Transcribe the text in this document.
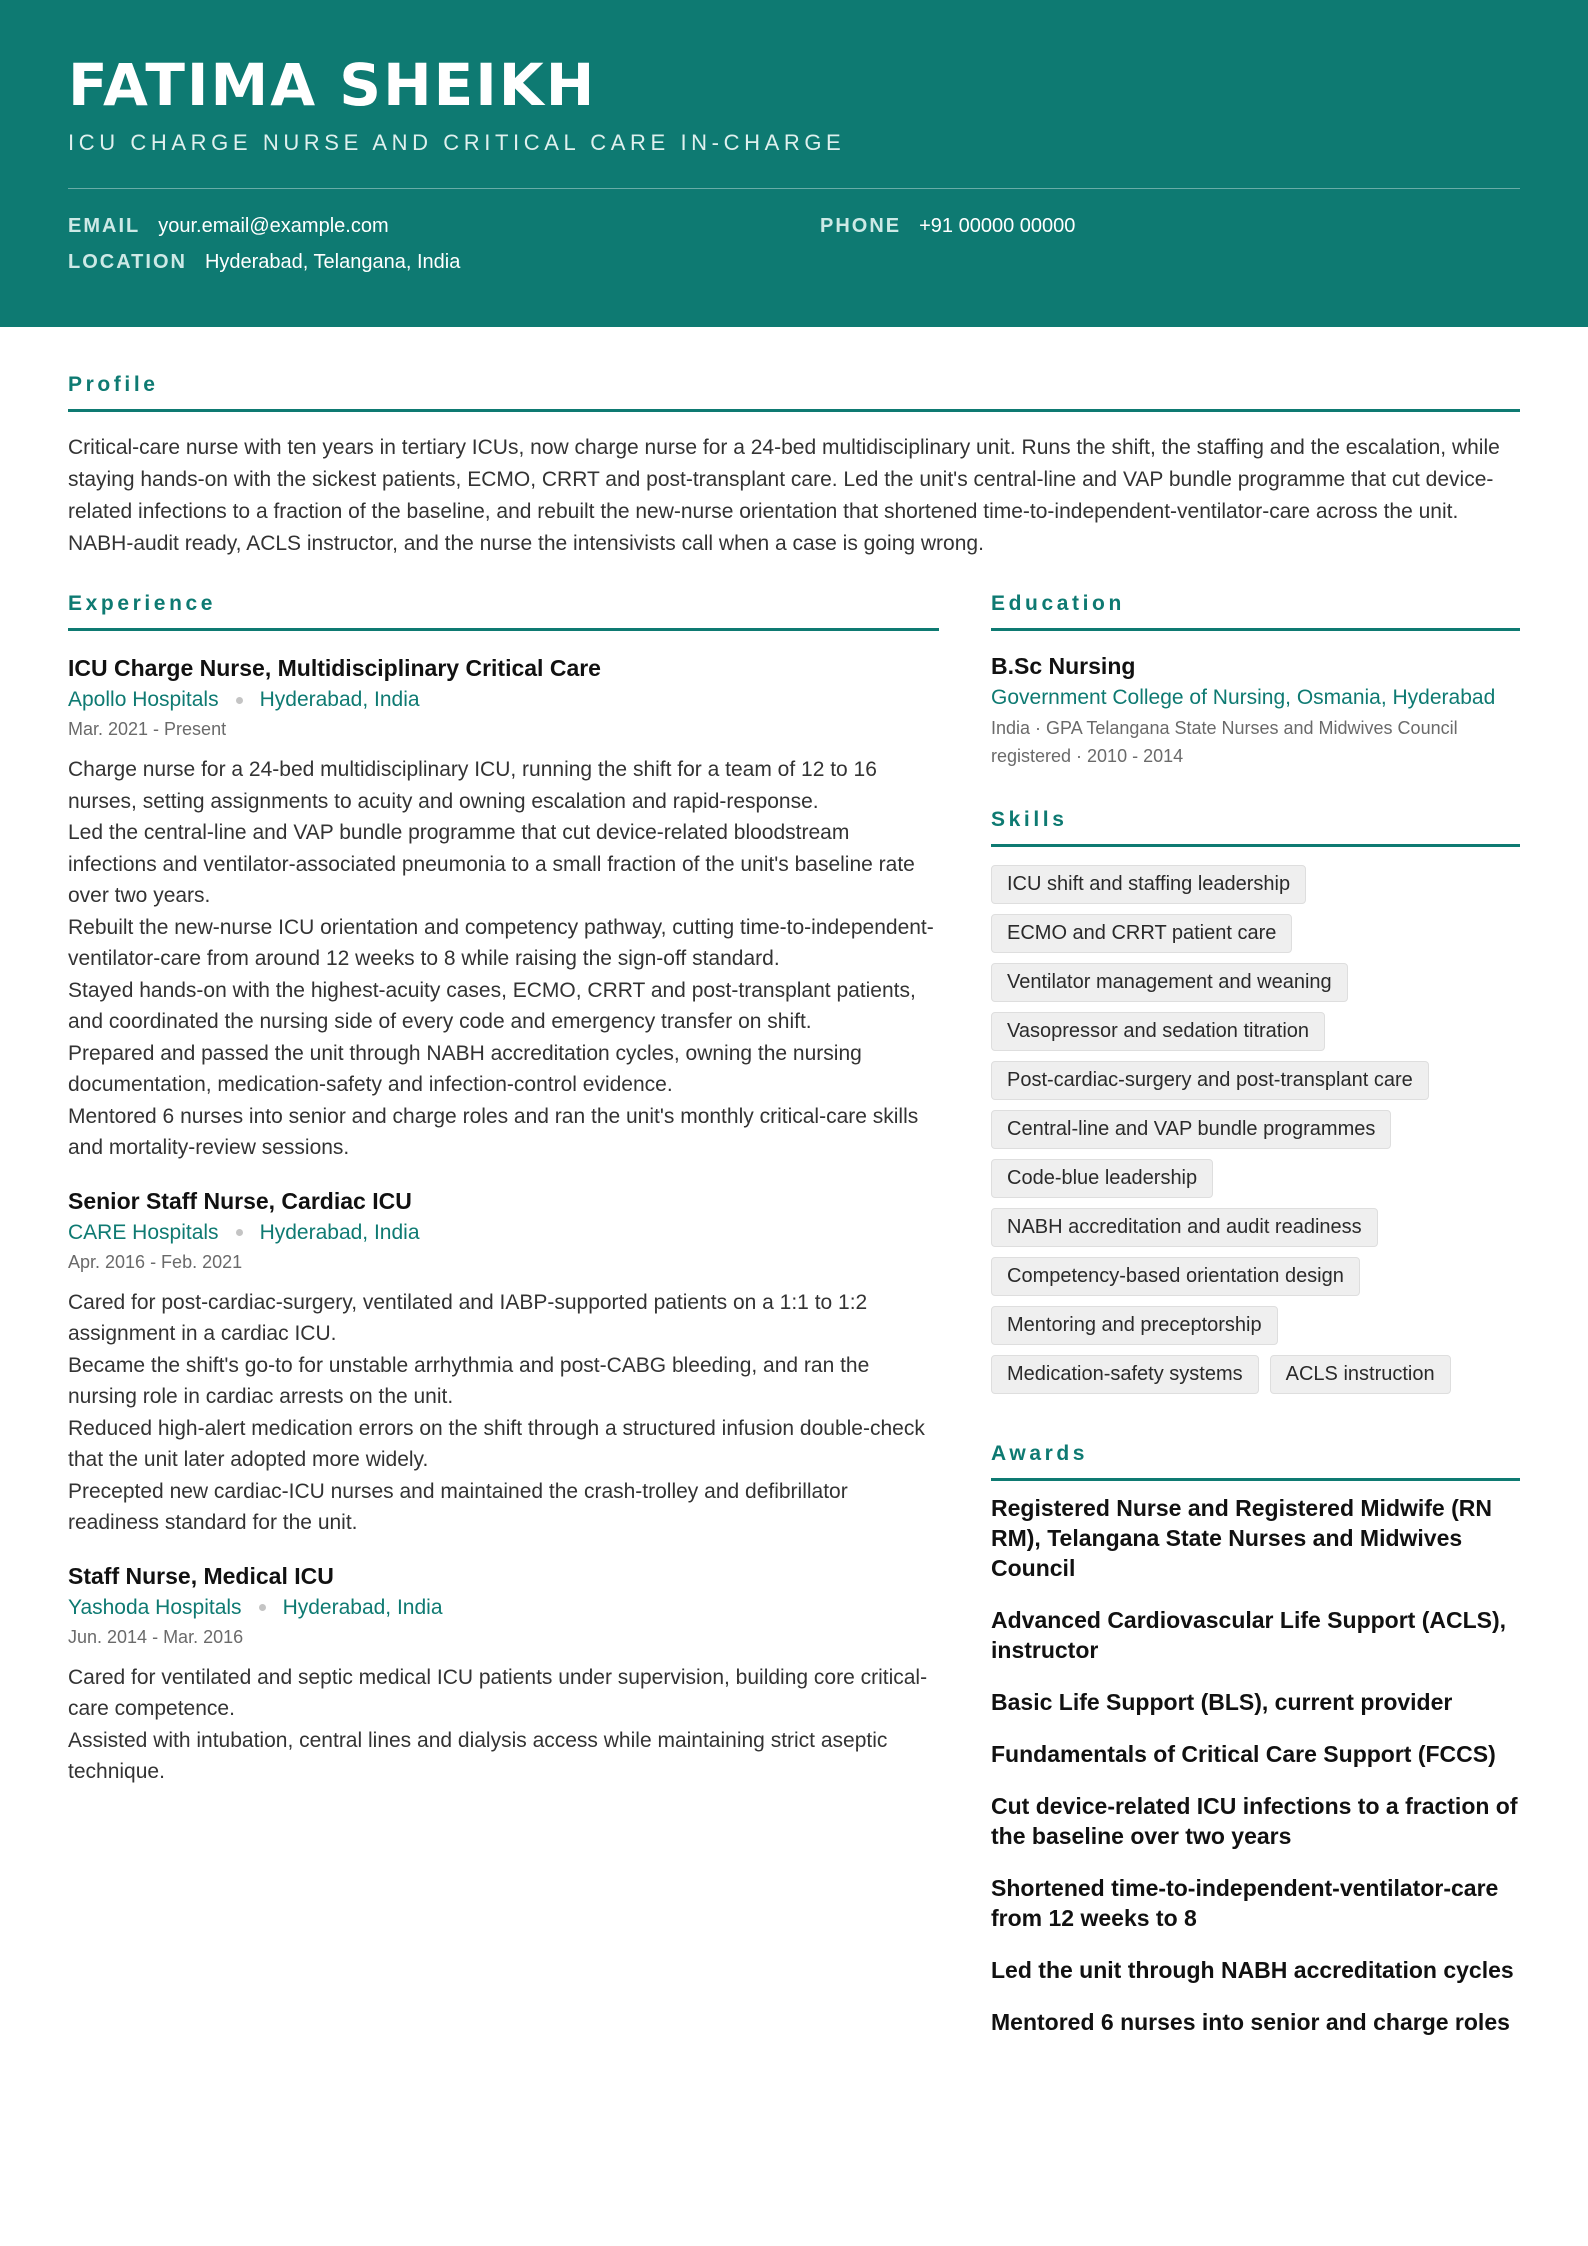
FATIMA SHEIKH
ICU CHARGE NURSE AND CRITICAL CARE IN-CHARGE
EMAIL your.email@example.com	PHONE +91 00000 00000
LOCATION Hyderabad, Telangana, India
Profile

Critical-care nurse with ten years in tertiary ICUs, now charge nurse for a 24-bed multidisciplinary unit. Runs the shift, the staffing and the escalation, while staying hands-on with the sickest patients, ECMO, CRRT and post-transplant care. Led the unit's central-line and VAP bundle programme that cut device-related infections to a fraction of the baseline, and rebuilt the new-nurse orientation that shortened time-to-independent-ventilator-care across the unit. NABH-audit ready, ACLS instructor, and the nurse the intensivists call when a case is going wrong.

Experience
ICU Charge Nurse, Multidisciplinary Critical Care
Apollo Hospitals Hyderabad, India
Mar. 2021 - Present

Charge nurse for a 24-bed multidisciplinary ICU, running the shift for a team of 12 to 16 nurses, setting assignments to acuity and owning escalation and rapid-response.

Led the central-line and VAP bundle programme that cut device-related bloodstream infections and ventilator-associated pneumonia to a small fraction of the unit's baseline rate over two years.

Rebuilt the new-nurse ICU orientation and competency pathway, cutting time-to-independent-ventilator-care from around 12 weeks to 8 while raising the sign-off standard.

Stayed hands-on with the highest-acuity cases, ECMO, CRRT and post-transplant patients, and coordinated the nursing side of every code and emergency transfer on shift.

Prepared and passed the unit through NABH accreditation cycles, owning the nursing documentation, medication-safety and infection-control evidence.

Mentored 6 nurses into senior and charge roles and ran the unit's monthly critical-care skills and mortality-review sessions.

Senior Staff Nurse, Cardiac ICU
CARE Hospitals Hyderabad, India
Apr. 2016 - Feb. 2021

Cared for post-cardiac-surgery, ventilated and IABP-supported patients on a 1:1 to 1:2 assignment in a cardiac ICU.

Became the shift's go-to for unstable arrhythmia and post-CABG bleeding, and ran the nursing role in cardiac arrests on the unit.

Reduced high-alert medication errors on the shift through a structured infusion double-check that the unit later adopted more widely.

Precepted new cardiac-ICU nurses and maintained the crash-trolley and defibrillator readiness standard for the unit.

Staff Nurse, Medical ICU
Yashoda Hospitals Hyderabad, India
Jun. 2014 - Mar. 2016

Cared for ventilated and septic medical ICU patients under supervision, building core critical-care competence.

Assisted with intubation, central lines and dialysis access while maintaining strict aseptic technique.

Education
B.Sc Nursing
Government College of Nursing, Osmania, Hyderabad
India · GPA Telangana State Nurses and Midwives Council registered · 2010 - 2014
Skills
ICU shift and staffing leadership
ECMO and CRRT patient care
Ventilator management and weaning
Vasopressor and sedation titration
Post-cardiac-surgery and post-transplant care
Central-line and VAP bundle programmes
Code-blue leadership
NABH accreditation and audit readiness
Competency-based orientation design
Mentoring and preceptorship
Medication-safety systems	ACLS instruction
Awards
Registered Nurse and Registered Midwife (RN RM), Telangana State Nurses and Midwives Council
Advanced Cardiovascular Life Support (ACLS), instructor
Basic Life Support (BLS), current provider
Fundamentals of Critical Care Support (FCCS)
Cut device-related ICU infections to a fraction of the baseline over two years
Shortened time-to-independent-ventilator-care from 12 weeks to 8
Led the unit through NABH accreditation cycles
Mentored 6 nurses into senior and charge roles
